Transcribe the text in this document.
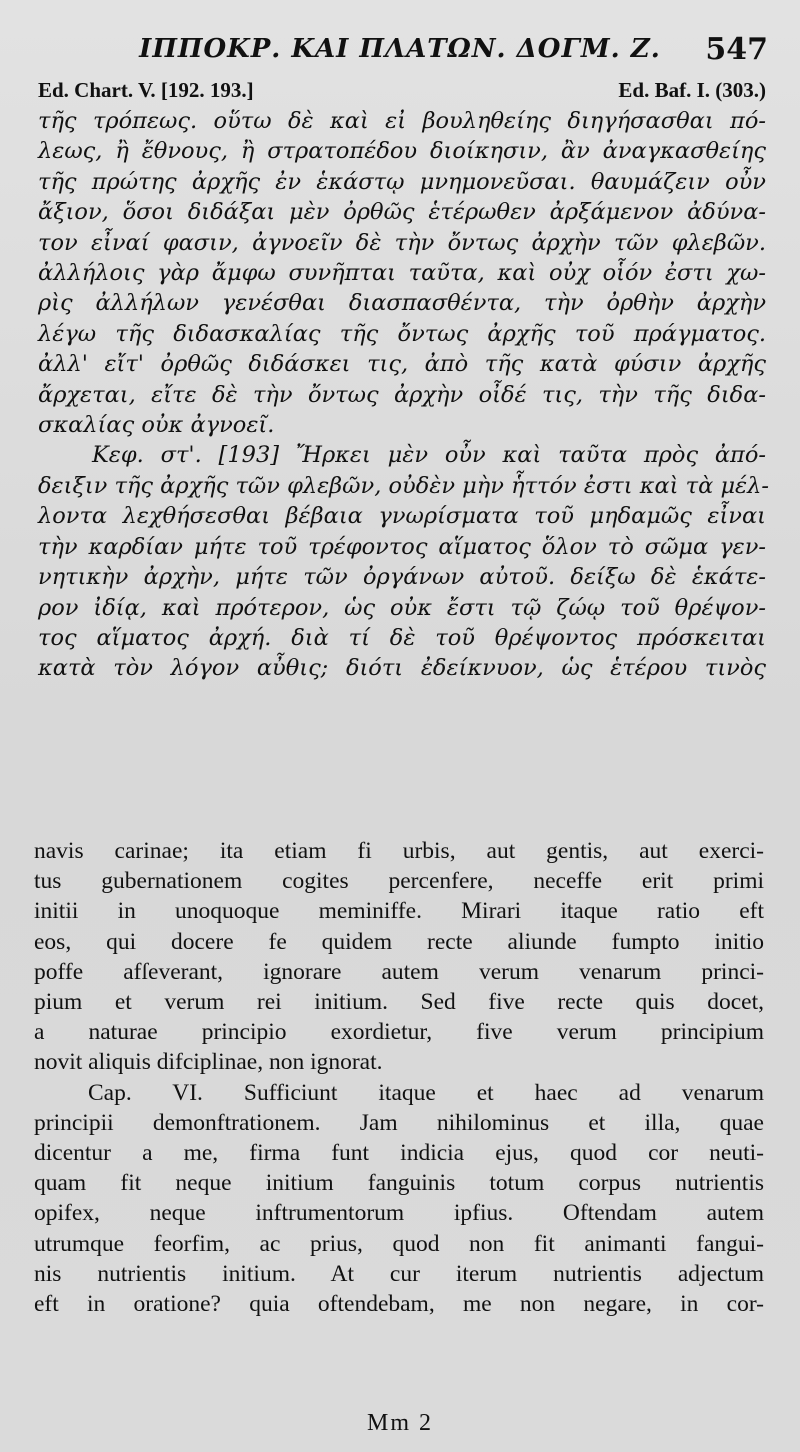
ΙΠΠΟΚΡ. ΚΑΙ ΠΛΑΤΩΝ. ΔΟΓΜ. Ζ.	547
Ed. Chart. V. [192. 193.]	Ed. Baf. I. (303.)
τῆς τρόπεως. οὕτω δὲ καὶ εἰ βουληθείης διηγήσασθαι πό-
λεως, ἢ ἔθνους, ἢ στρατοπέδου διοίκησιν, ἂν ἀναγκασθείης
τῆς πρώτης ἀρχῆς ἐν ἑκάστῳ μνημονεῦσαι. θαυμάζειν οὖν
ἄξιον, ὅσοι διδάξαι μὲν ὀρθῶς ἑτέρωθεν ἀρξάμενον ἀδύνα-
τον εἶναί φασιν, ἀγνοεῖν δὲ τὴν ὄντως ἀρχὴν τῶν φλεβῶν.
ἀλλήλοις γὰρ ἄμφω συνῆπται ταῦτα, καὶ οὐχ οἷόν ἐστι χω-
ρὶς ἀλλήλων γενέσθαι διασπασθέντα, τὴν ὀρθὴν ἀρχὴν
λέγω τῆς διδασκαλίας τῆς ὄντως ἀρχῆς τοῦ πράγματος.
ἀλλ' εἴτ' ὀρθῶς διδάσκει τις, ἀπὸ τῆς κατὰ φύσιν ἀρχῆς
ἄρχεται, εἴτε δὲ τὴν ὄντως ἀρχὴν οἶδέ τις, τὴν τῆς διδα-
σκαλίας οὐκ ἀγνοεῖ.
Κεφ. στ'. [193] Ἤρκει μὲν οὖν καὶ ταῦτα πρὸς ἀπό-
δειξιν τῆς ἀρχῆς τῶν φλεβῶν, οὐδὲν μὴν ἧττόν ἐστι καὶ τὰ μέλ-
λοντα λεχθήσεσθαι βέβαια γνωρίσματα τοῦ μηδαμῶς εἶναι
τὴν καρδίαν μήτε τοῦ τρέφοντος αἵματος ὅλον τὸ σῶμα γεν-
νητικὴν ἀρχὴν, μήτε τῶν ὀργάνων αὐτοῦ. δείξω δὲ ἑκάτε-
ρον ἰδίᾳ, καὶ πρότερον, ὡς οὐκ ἔστι τῷ ζώῳ τοῦ θρέψον-
τος αἵματος ἀρχή. διὰ τί δὲ τοῦ θρέψοντος πρόσκειται
κατὰ τὸν λόγον αὖθις; διότι ἐδείκνυον, ὡς ἑτέρου τινὸς
navis carinae; ita etiam fi urbis, aut gentis, aut exerci-
tus gubernationem cogites percenfere, neceffe erit primi
initii in unoquoque meminiffe. Mirari itaque ratio eft
eos, qui docere fe quidem recte aliunde fumpto initio
poffe afſeverant, ignorare autem verum venarum princi-
pium et verum rei initium. Sed five recte quis docet,
a naturae principio exordietur, five verum principium
novit aliquis difciplinae, non ignorat.
Cap. VI. Sufficiunt itaque et haec ad venarum
principii demonftrationem. Jam nihilominus et illa, quae
dicentur a me, firma funt indicia ejus, quod cor neuti-
quam fit neque initium fanguinis totum corpus nutrientis
opifex, neque inftrumentorum ipfius. Oftendam autem
utrumque feorfim, ac prius, quod non fit animanti fangui-
nis nutrientis initium. At cur iterum nutrientis adjectum
eft in oratione? quia oftendebam, me non negare, in cor-
Mm 2
